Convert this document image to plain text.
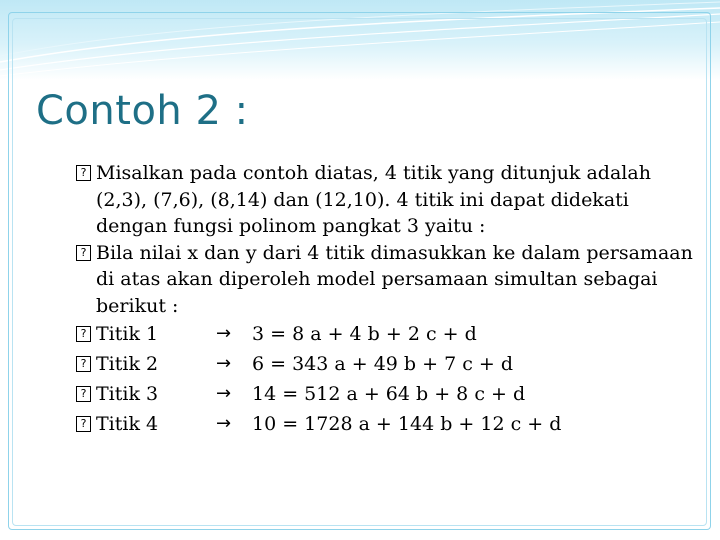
Contoh 2 :
? Misalkan pada contoh diatas, 4 titik yang ditunjuk adalah (2,3), (7,6), (8,14) dan (12,10). 4 titik ini dapat didekati dengan fungsi polinom pangkat 3 yaitu :
? Bila nilai x dan y dari 4 titik dimasukkan ke dalam persamaan di atas akan diperoleh model persamaan simultan sebagai berikut :
? Titik 1	→ 3 = 8 a + 4 b + 2 c + d
? Titik 2	→ 6 = 343 a + 49 b + 7 c + d
? Titik 3	→ 14 = 512 a + 64 b + 8 c + d
? Titik 4	→ 10 = 1728 a + 144 b + 12 c + d
